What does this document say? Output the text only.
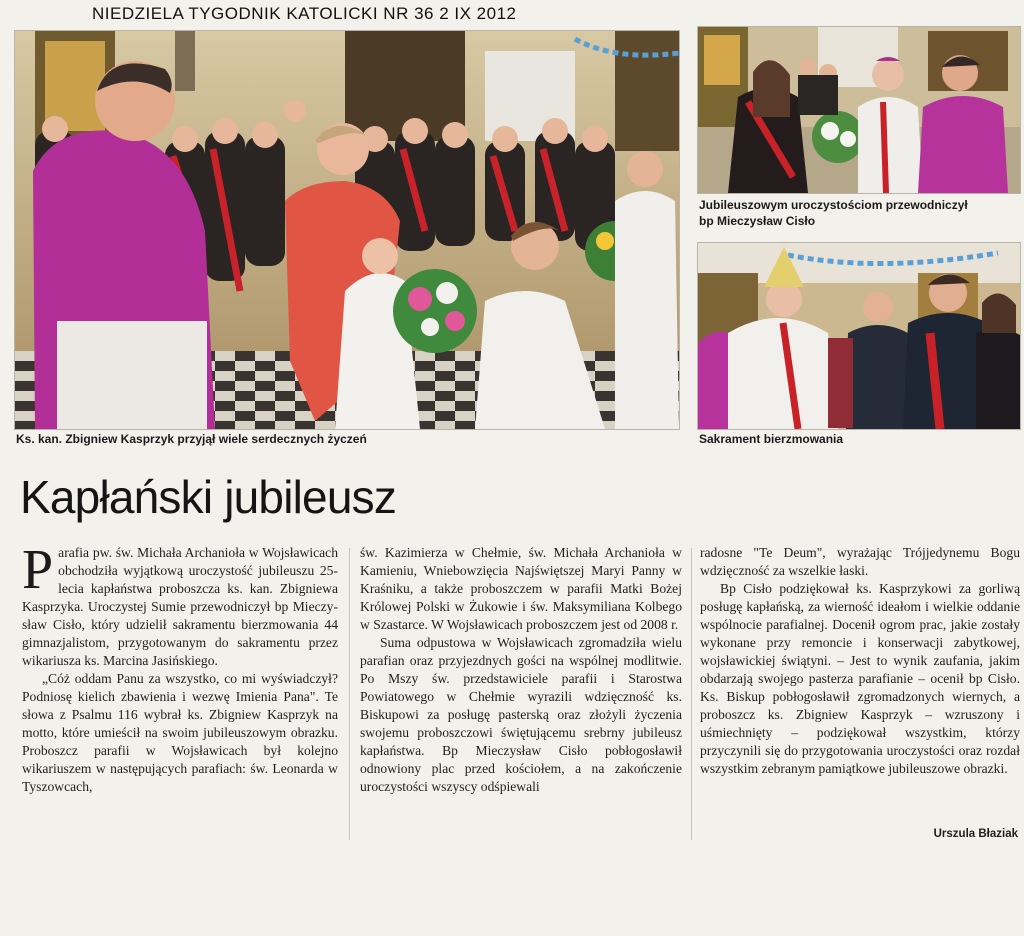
NIEDZIELA TYGODNIK KATOLICKI NR 36 2 IX 2012
Ks. kan. Zbigniew Kasprzyk przyjął wiele serdecznych życzeń
Jubileuszowym uroczystościom przewodniczył
bp Mieczysław Cisło
Sakrament bierzmowania
Kapłański jubileusz

Parafia pw. św. Michała Archanioła w Wojsławicach obchodziła wyjątkową uroczystość jubileuszu 25-lecia kapłaństwa proboszcza ks. kan. Zbigniewa Kasprzyka. Uroczystej Sumie przewodniczył bp Mieczysław Cisło, który udzielił sakramentu bierzmowania 44 gimnazjalistom, przygotowanym do sakramentu przez wikariusza ks. Marcina Jasińskiego.

„Cóż oddam Panu za wszystko, co mi wyświadczył? Podniosę kielich zbawienia i wezwę Imienia Pana". Te słowa z Psalmu 116 wybrał ks. Zbigniew Kasprzyk na motto, które umieścił na swoim jubileuszowym obrazku. Proboszcz parafii w Wojsławicach był kolejno wikariuszem w następujących parafiach: św. Leonarda w Tyszowcach,

św. Kazimierza w Chełmie, św. Michała Archanioła w Kamieniu, Wniebowzięcia Najświętszej Maryi Panny w Kraśniku, a także proboszczem w parafii Matki Bożej Królowej Polski w Żukowie i św. Maksymiliana Kolbego w Szastarce. W Wojsławicach proboszczem jest od 2008 r.

Suma odpustowa w Wojsławicach zgromadziła wielu parafian oraz przyjezdnych gości na wspólnej modlitwie. Po Mszy św. przedstawiciele parafii i Starostwa Powiatowego w Chełmie wyrazili wdzięczność ks. Biskupowi za posługę pasterską oraz złożyli życzenia swojemu proboszczowi świętującemu srebrny jubileusz kapłaństwa. Bp Mieczysław Cisło pobłogosławił odnowiony plac przed kościołem, a na zakończenie uroczystości wszyscy odśpiewali

radosne "Te Deum", wyrażając Trójjedynemu Bogu wdzięczność za wszelkie łaski.

Bp Cisło podziękował ks. Kasprzykowi za gorliwą posługę kapłańską, za wierność ideałom i wielkie oddanie wspólnocie parafialnej. Docenił ogrom prac, jakie zostały wykonane przy remoncie i konserwacji zabytkowej, wojsławickiej świątyni. – Jest to wynik zaufania, jakim obdarzają swojego pasterza parafianie – ocenił bp Cisło. Ks. Biskup pobłogosławił zgromadzonych wiernych, a proboszcz ks. Zbigniew Kasprzyk – wzruszony i uśmiechnięty – podziękował wszystkim, którzy przyczynili się do przygotowania uroczystości oraz rozdał wszystkim zebranym pamiątkowe jubileuszowe obrazki.

Urszula Błaziak
